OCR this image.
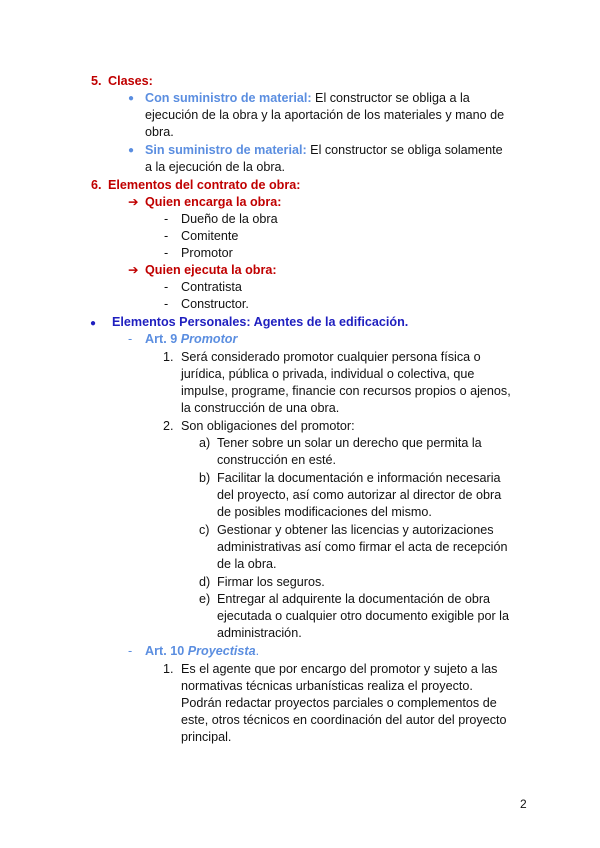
5. Clases:
● Con suministro de material: El constructor se obliga a la
ejecución de la obra y la aportación de los materiales y mano de
obra.
● Sin suministro de material: El constructor se obliga solamente
a la ejecución de la obra.
6. Elementos del contrato de obra:
➔ Quien encarga la obra:
- Dueño de la obra
- Comitente
- Promotor
➔ Quien ejecuta la obra:
- Contratista
- Constructor.
● Elementos Personales: Agentes de la edificación.
- Art. 9 Promotor
1. Será considerado promotor cualquier persona física o
jurídica, pública o privada, individual o colectiva, que
impulse, programe, financie con recursos propios o ajenos,
la construcción de una obra.
2. Son obligaciones del promotor:
a) Tener sobre un solar un derecho que permita la
construcción en esté.
b) Facilitar la documentación e información necesaria
del proyecto, así como autorizar al director de obra
de posibles modificaciones del mismo.
c) Gestionar y obtener las licencias y autorizaciones
administrativas así como firmar el acta de recepción
de la obra.
d) Firmar los seguros.
e) Entregar al adquirente la documentación de obra
ejecutada o cualquier otro documento exigible por la
administración.
- Art. 10 Proyectista.
1. Es el agente que por encargo del promotor y sujeto a las
normativas técnicas urbanísticas realiza el proyecto.
Podrán redactar proyectos parciales o complementos de
este, otros técnicos en coordinación del autor del proyecto
principal.
2
